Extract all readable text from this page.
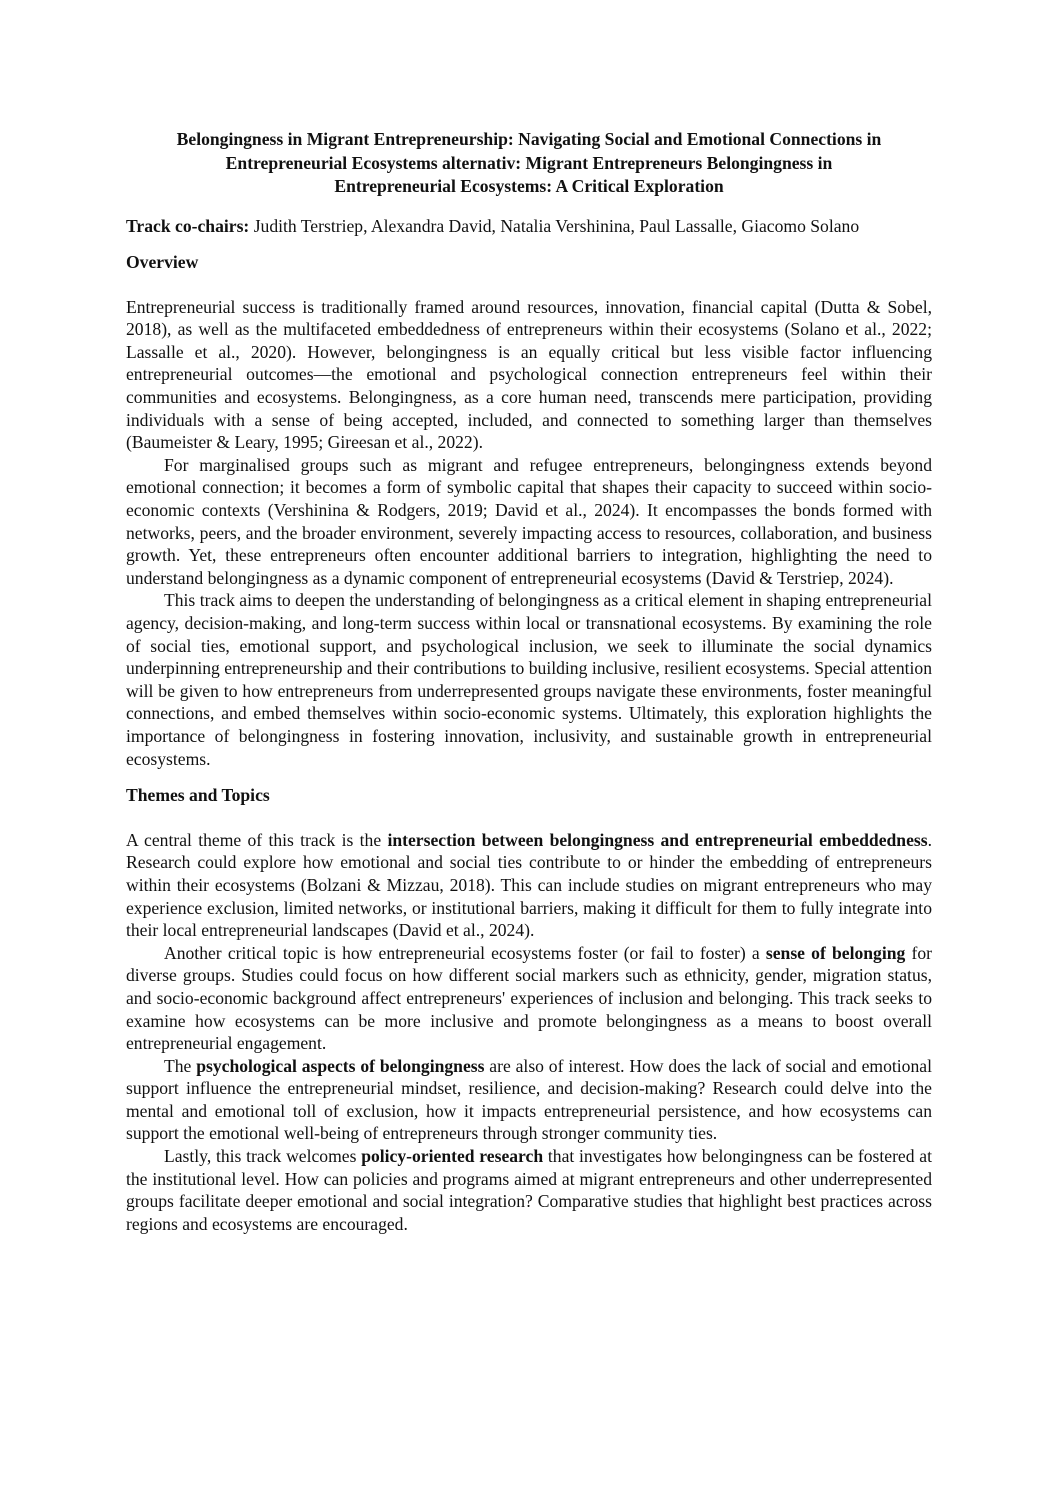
Belongingness in Migrant Entrepreneurship: Navigating Social and Emotional Connections in
Entrepreneurial Ecosystems alternativ: Migrant Entrepreneurs Belongingness in
Entrepreneurial Ecosystems: A Critical Exploration

Track co-chairs: Judith Terstriep, Alexandra David, Natalia Vershinina, Paul Lassalle, Giacomo Solano

Overview

Entrepreneurial success is traditionally framed around resources, innovation, financial capital (Dutta & Sobel, 2018), as well as the multifaceted embeddedness of entrepreneurs within their ecosystems (Solano et al., 2022; Lassalle et al., 2020). However, belongingness is an equally critical but less visible factor influencing entrepreneurial outcomes—the emotional and psychological connection entrepreneurs feel within their communities and ecosystems. Belongingness, as a core human need, transcends mere participation, providing individuals with a sense of being accepted, included, and connected to something larger than themselves (Baumeister & Leary, 1995; Gireesan et al., 2022).

For marginalised groups such as migrant and refugee entrepreneurs, belongingness extends beyond emotional connection; it becomes a form of symbolic capital that shapes their capacity to succeed within socio-economic contexts (Vershinina & Rodgers, 2019; David et al., 2024). It encompasses the bonds formed with networks, peers, and the broader environment, severely impacting access to resources, collaboration, and business growth. Yet, these entrepreneurs often encounter additional barriers to integration, highlighting the need to understand belongingness as a dynamic component of entrepreneurial ecosystems (David & Terstriep, 2024).

This track aims to deepen the understanding of belongingness as a critical element in shaping entrepreneurial agency, decision-making, and long-term success within local or transnational ecosystems. By examining the role of social ties, emotional support, and psychological inclusion, we seek to illuminate the social dynamics underpinning entrepreneurship and their contributions to building inclusive, resilient ecosystems. Special attention will be given to how entrepreneurs from underrepresented groups navigate these environments, foster meaningful connections, and embed themselves within socio-economic systems. Ultimately, this exploration highlights the importance of belongingness in fostering innovation, inclusivity, and sustainable growth in entrepreneurial ecosystems.

Themes and Topics

A central theme of this track is the intersection between belongingness and entrepreneurial embeddedness. Research could explore how emotional and social ties contribute to or hinder the embedding of entrepreneurs within their ecosystems (Bolzani & Mizzau, 2018). This can include studies on migrant entrepreneurs who may experience exclusion, limited networks, or institutional barriers, making it difficult for them to fully integrate into their local entrepreneurial landscapes (David et al., 2024).

Another critical topic is how entrepreneurial ecosystems foster (or fail to foster) a sense of belonging for diverse groups. Studies could focus on how different social markers such as ethnicity, gender, migration status, and socio-economic background affect entrepreneurs' experiences of inclusion and belonging. This track seeks to examine how ecosystems can be more inclusive and promote belongingness as a means to boost overall entrepreneurial engagement.

The psychological aspects of belongingness are also of interest. How does the lack of social and emotional support influence the entrepreneurial mindset, resilience, and decision-making? Research could delve into the mental and emotional toll of exclusion, how it impacts entrepreneurial persistence, and how ecosystems can support the emotional well-being of entrepreneurs through stronger community ties.

Lastly, this track welcomes policy-oriented research that investigates how belongingness can be fostered at the institutional level. How can policies and programs aimed at migrant entrepreneurs and other underrepresented groups facilitate deeper emotional and social integration? Comparative studies that highlight best practices across regions and ecosystems are encouraged.
